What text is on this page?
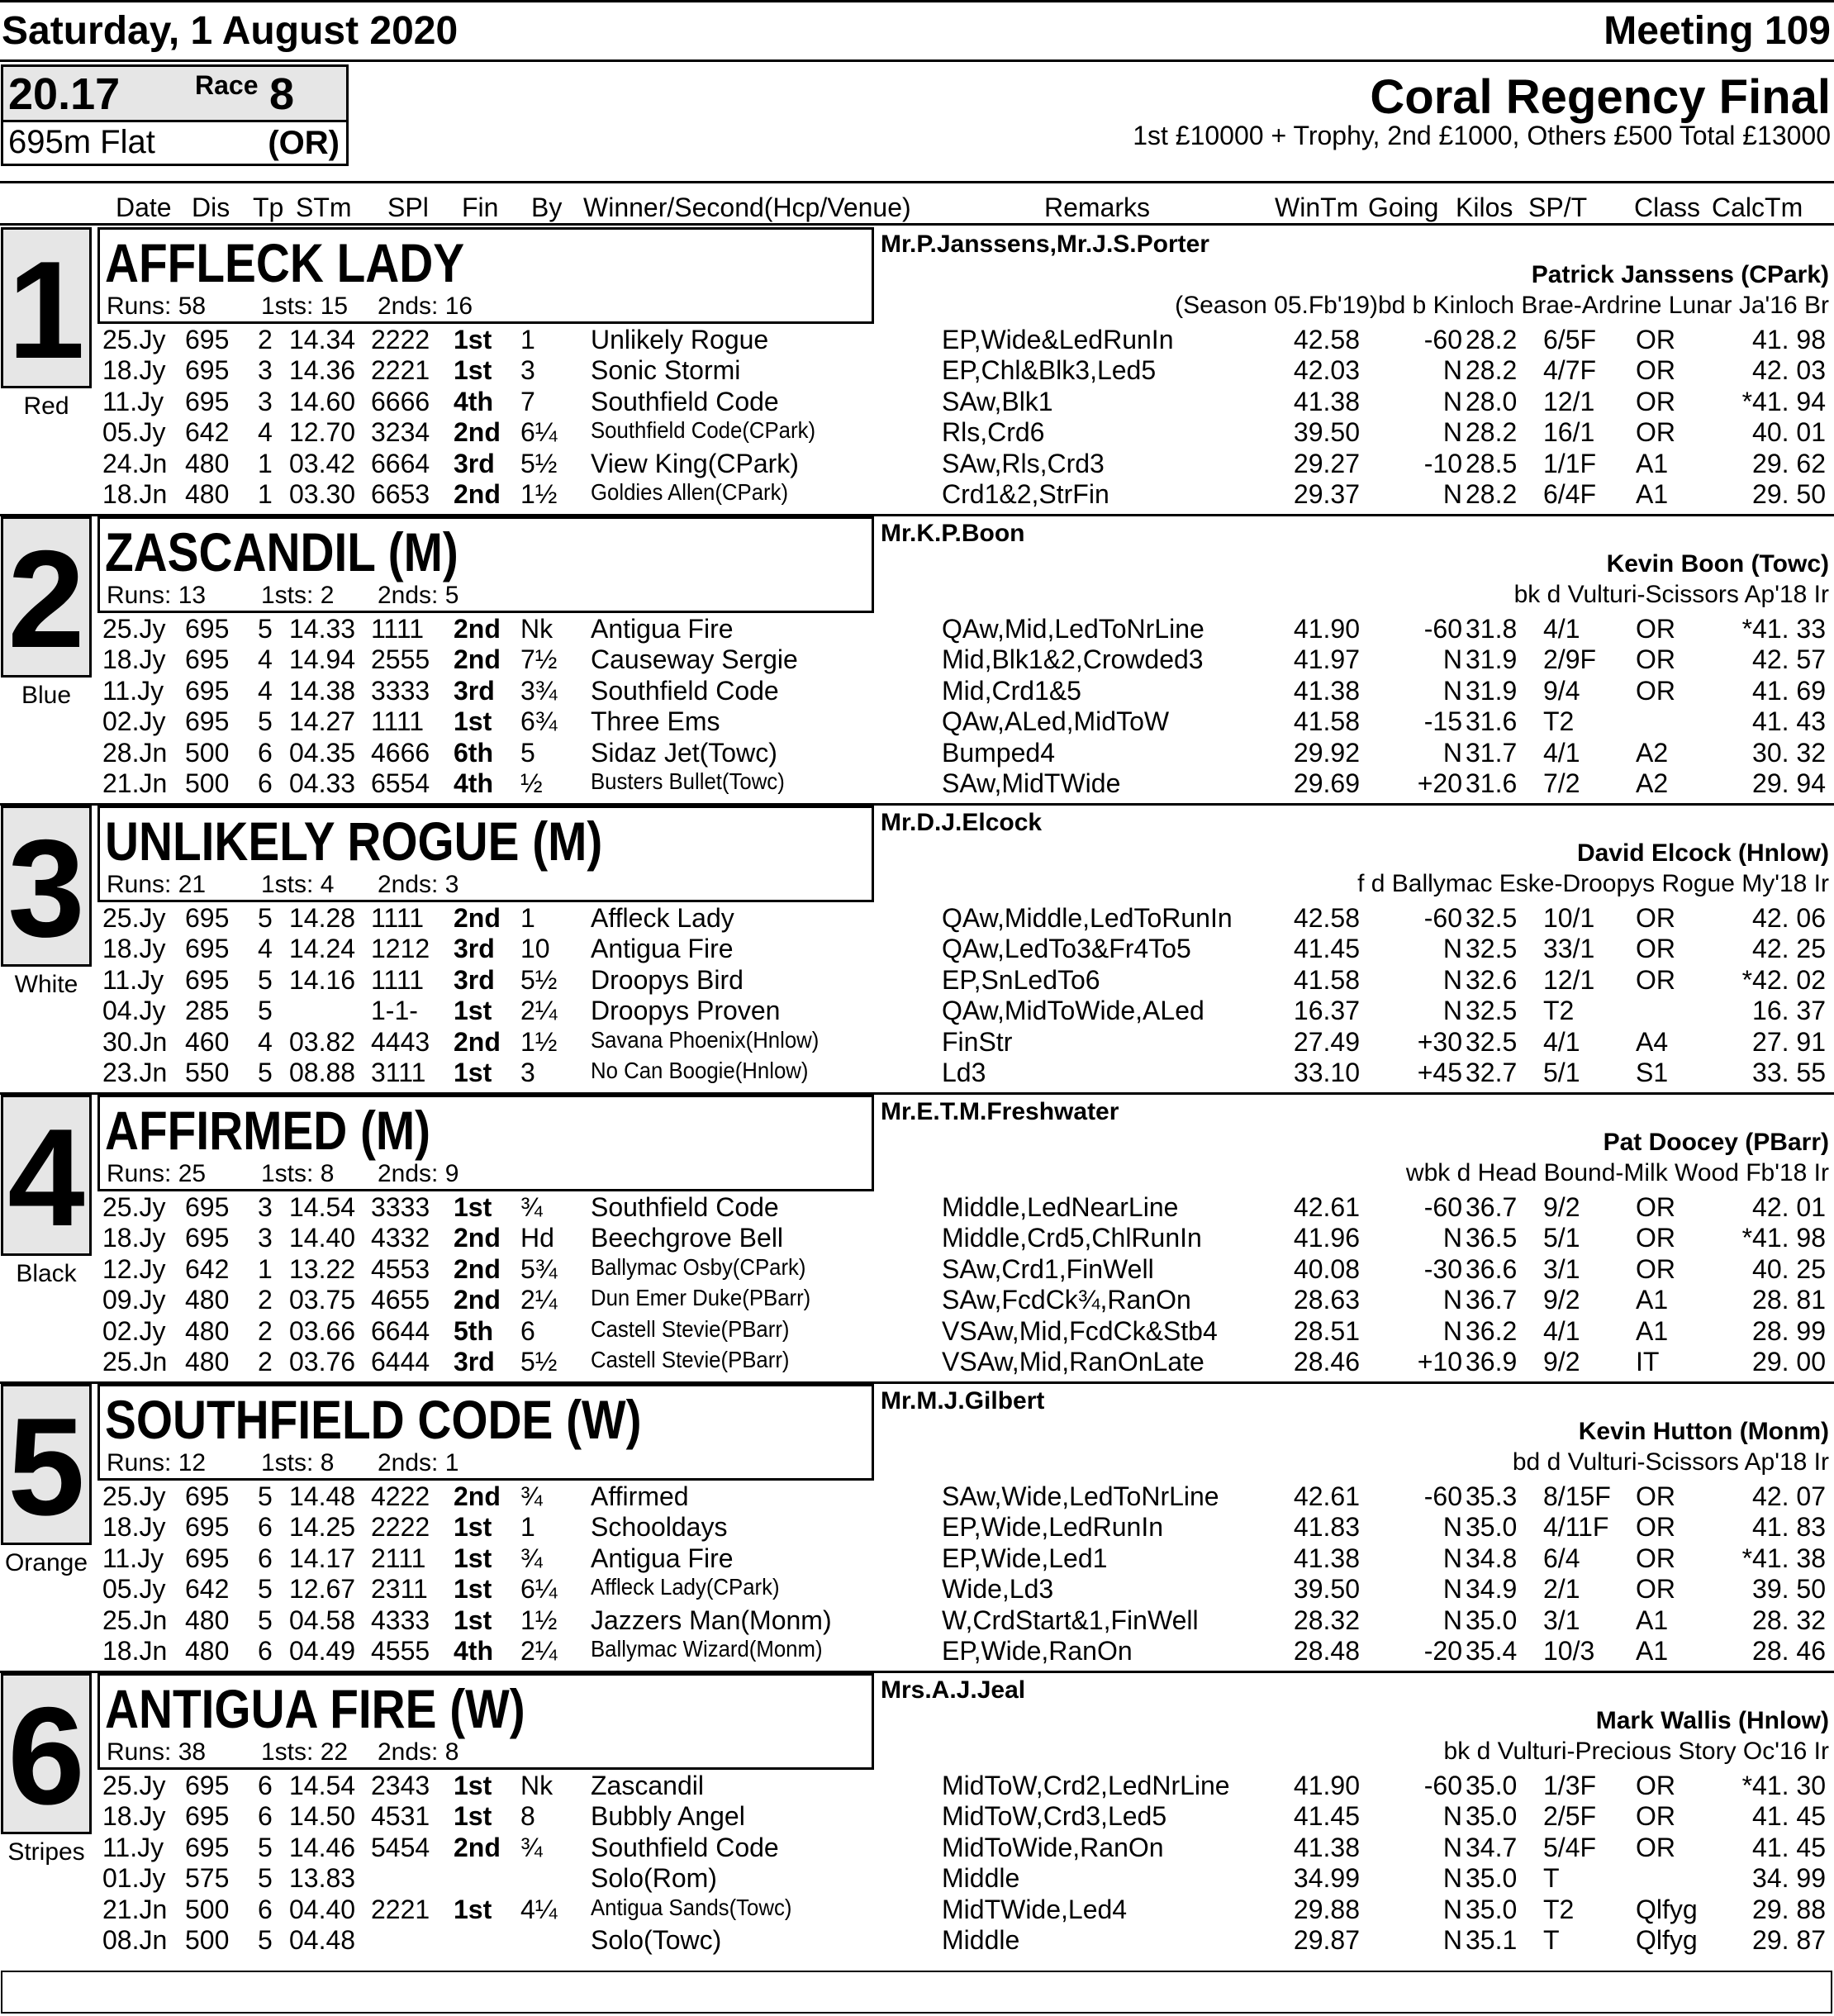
Saturday, 1 August 2020	Meeting 109
20.17	Race 8
695m Flat	(OR)
Coral Regency Final
1st £10000 + Trophy, 2nd £1000, Others £500 Total £13000
Date Dis Tp STm SPl Fin By Winner/Second(Hcp/Venue)	Remarks	WinTm Going Kilos SP/T Class CalcTm
1
Red
AFFLECK LADY
Runs: 58 1sts: 15 2nds: 16
Mr.P.Janssens,Mr.J.S.Porter
Patrick Janssens (CPark)
(Season 05.Fb'19)bd b Kinloch Brae-Ardrine Lunar Ja'16 Br
25.Jy 695 2 14.34 2222 1st 1 Unlikely Rogue	EP,Wide&LedRunIn	42.58	-60 28.2 6/5F OR	41. 98
18.Jy 695 3 14.36 2221 1st 3 Sonic Stormi	EP,Chl&Blk3,Led5	42.03	N 28.2 4/7F OR	42. 03
11.Jy 695 3 14.60 6666 4th 7 Southfield Code	SAw,Blk1	41.38	N 28.0 12/1 OR	*41. 94
05.Jy 642 4 12.70 3234 2nd 6¼ Southfield Code(CPark)	Rls,Crd6	39.50	N 28.2 16/1 OR	40. 01
24.Jn 480 1 03.42 6664 3rd 5½ View King(CPark)	SAw,Rls,Crd3	29.27	-10 28.5 1/1F A1	29. 62
18.Jn 480 1 03.30 6653 2nd 1½ Goldies Allen(CPark)	Crd1&2,StrFin	29.37	N 28.2 6/4F A1	29. 50
2
Blue
ZASCANDIL (M)
Runs: 13 1sts: 2 2nds: 5
Mr.K.P.Boon
Kevin Boon (Towc)
bk d Vulturi-Scissors Ap'18 Ir
25.Jy 695 5 14.33 1111 2nd Nk Antigua Fire	QAw,Mid,LedToNrLine	41.90	-60 31.8 4/1 OR	*41. 33
18.Jy 695 4 14.94 2555 2nd 7½ Causeway Sergie	Mid,Blk1&2,Crowded3	41.97	N 31.9 2/9F OR	42. 57
11.Jy 695 4 14.38 3333 3rd 3¾ Southfield Code	Mid,Crd1&5	41.38	N 31.9 9/4 OR	41. 69
02.Jy 695 5 14.27 1111 1st 6¾ Three Ems	QAw,ALed,MidToW	41.58	-15 31.6 T2	41. 43
28.Jn 500 6 04.35 4666 6th 5 Sidaz Jet(Towc)	Bumped4	29.92	N 31.7 4/1 A2	30. 32
21.Jn 500 6 04.33 6554 4th ½ Busters Bullet(Towc)	SAw,MidTWide	29.69	+20 31.6 7/2 A2	29. 94
3
White
UNLIKELY ROGUE (M)
Runs: 21 1sts: 4 2nds: 3
Mr.D.J.Elcock
David Elcock (Hnlow)
f d Ballymac Eske-Droopys Rogue My'18 Ir
25.Jy 695 5 14.28 1111 2nd 1 Affleck Lady	QAw,Middle,LedToRunIn	42.58	-60 32.5 10/1 OR	42. 06
18.Jy 695 4 14.24 1212 3rd 10 Antigua Fire	QAw,LedTo3&Fr4To5	41.45	N 32.5 33/1 OR	42. 25
11.Jy 695 5 14.16 1111 3rd 5½ Droopys Bird	EP,SnLedTo6	41.58	N 32.6 12/1 OR	*42. 02
04.Jy 285 5	1-1- 1st 2¼ Droopys Proven	QAw,MidToWide,ALed	16.37	N 32.5 T2	16. 37
30.Jn 460 4 03.82 4443 2nd 1½ Savana Phoenix(Hnlow)	FinStr	27.49	+30 32.5 4/1 A4	27. 91
23.Jn 550 5 08.88 3111 1st 3 No Can Boogie(Hnlow)	Ld3	33.10	+45 32.7 5/1 S1	33. 55
4
Black
AFFIRMED (M)
Runs: 25 1sts: 8 2nds: 9
Mr.E.T.M.Freshwater
Pat Doocey (PBarr)
wbk d Head Bound-Milk Wood Fb'18 Ir
25.Jy 695 3 14.54 3333 1st ¾ Southfield Code	Middle,LedNearLine	42.61	-60 36.7 9/2 OR	42. 01
18.Jy 695 3 14.40 4332 2nd Hd Beechgrove Bell	Middle,Crd5,ChlRunIn	41.96	N 36.5 5/1 OR	*41. 98
12.Jy 642 1 13.22 4553 2nd 5¾ Ballymac Osby(CPark)	SAw,Crd1,FinWell	40.08	-30 36.6 3/1 OR	40. 25
09.Jy 480 2 03.75 4655 2nd 2¼ Dun Emer Duke(PBarr)	SAw,FcdCk¾,RanOn	28.63	N 36.7 9/2 A1	28. 81
02.Jy 480 2 03.66 6644 5th 6 Castell Stevie(PBarr)	VSAw,Mid,FcdCk&Stb4	28.51	N 36.2 4/1 A1	28. 99
25.Jn 480 2 03.76 6444 3rd 5½ Castell Stevie(PBarr)	VSAw,Mid,RanOnLate	28.46	+10 36.9 9/2 IT	29. 00
5
Orange
SOUTHFIELD CODE (W)
Runs: 12 1sts: 8 2nds: 1
Mr.M.J.Gilbert
Kevin Hutton (Monm)
bd d Vulturi-Scissors Ap'18 Ir
25.Jy 695 5 14.48 4222 2nd ¾ Affirmed	SAw,Wide,LedToNrLine	42.61	-60 35.3 8/15F OR	42. 07
18.Jy 695 6 14.25 2222 1st 1 Schooldays	EP,Wide,LedRunIn	41.83	N 35.0 4/11F OR	41. 83
11.Jy 695 6 14.17 2111 1st ¾ Antigua Fire	EP,Wide,Led1	41.38	N 34.8 6/4 OR	*41. 38
05.Jy 642 5 12.67 2311 1st 6¼ Affleck Lady(CPark)	Wide,Ld3	39.50	N 34.9 2/1 OR	39. 50
25.Jn 480 5 04.58 4333 1st 1½ Jazzers Man(Monm)	W,CrdStart&1,FinWell	28.32	N 35.0 3/1 A1	28. 32
18.Jn 480 6 04.49 4555 4th 2¼ Ballymac Wizard(Monm)	EP,Wide,RanOn	28.48	-20 35.4 10/3 A1	28. 46
6
Stripes
ANTIGUA FIRE (W)
Runs: 38 1sts: 22 2nds: 8
Mrs.A.J.Jeal
Mark Wallis (Hnlow)
bk d Vulturi-Precious Story Oc'16 Ir
25.Jy 695 6 14.54 2343 1st Nk Zascandil	MidToW,Crd2,LedNrLine	41.90	-60 35.0 1/3F OR	*41. 30
18.Jy 695 6 14.50 4531 1st 8 Bubbly Angel	MidToW,Crd3,Led5	41.45	N 35.0 2/5F OR	41. 45
11.Jy 695 5 14.46 5454 2nd ¾ Southfield Code	MidToWide,RanOn	41.38	N 34.7 5/4F OR	41. 45
01.Jy 575 5 13.83	Solo(Rom)	Middle	34.99	N 35.0 T	34. 99
21.Jn 500 6 04.40 2221 1st 4¼ Antigua Sands(Towc)	MidTWide,Led4	29.88	N 35.0 T2 Qlfyg	29. 88
08.Jn 500 5 04.48	Solo(Towc)	Middle	29.87	N 35.1 T	Qlfyg	29. 87
